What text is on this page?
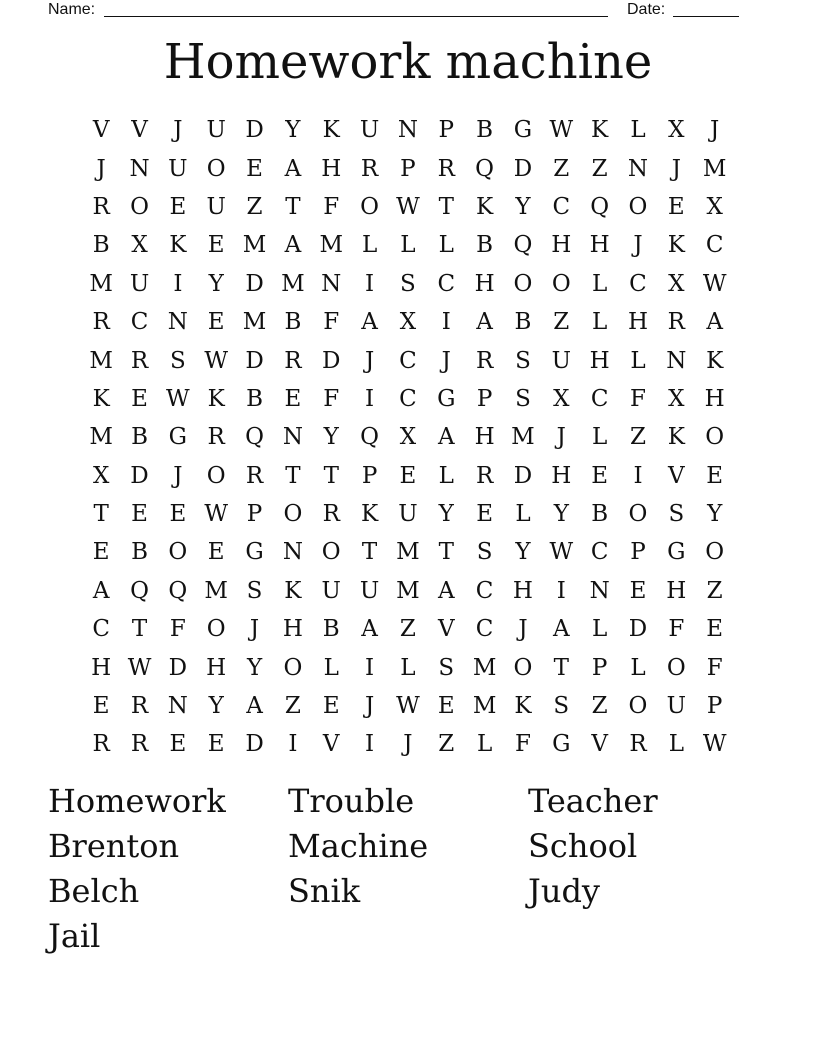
Name:	Date:
Homework machine
V V	J	U D Y K U N P B G W K L X	J
J	N U O E A H R P R Q D Z Z N	J M
R O E U Z T F O W T K Y C Q O E X
B X K E M A M L	L	L B Q H H	J	K C
M U	I	Y D M N	I	S C H O O L C X W
R C N E M B F A X	I	A B Z L H R A
M R S W D R D	J	C	J	R S U H L N K
K E W K B E F	I	C G P S X C F X H
M B G R Q N Y Q X A H M J	L Z K O
X D	J	O R T	T P E L R D H E	I	V E
T E E W P O R K U Y E L	Y B O S Y
E B O E G N O T M T S Y W C P G O
A Q Q M S K U U M A C H	I	N E H Z
C T F O	J	H B A Z V C	J	A L D F E
H W D H Y O L	I	L S M O T P L O F
E R N Y A Z E	J W E M K S Z O U P
R R E E D	I	V	I	J	Z L F G V R L W
Homework	Trouble	Teacher
Brenton	Machine	School
Belch	Snik	Judy
Jail
